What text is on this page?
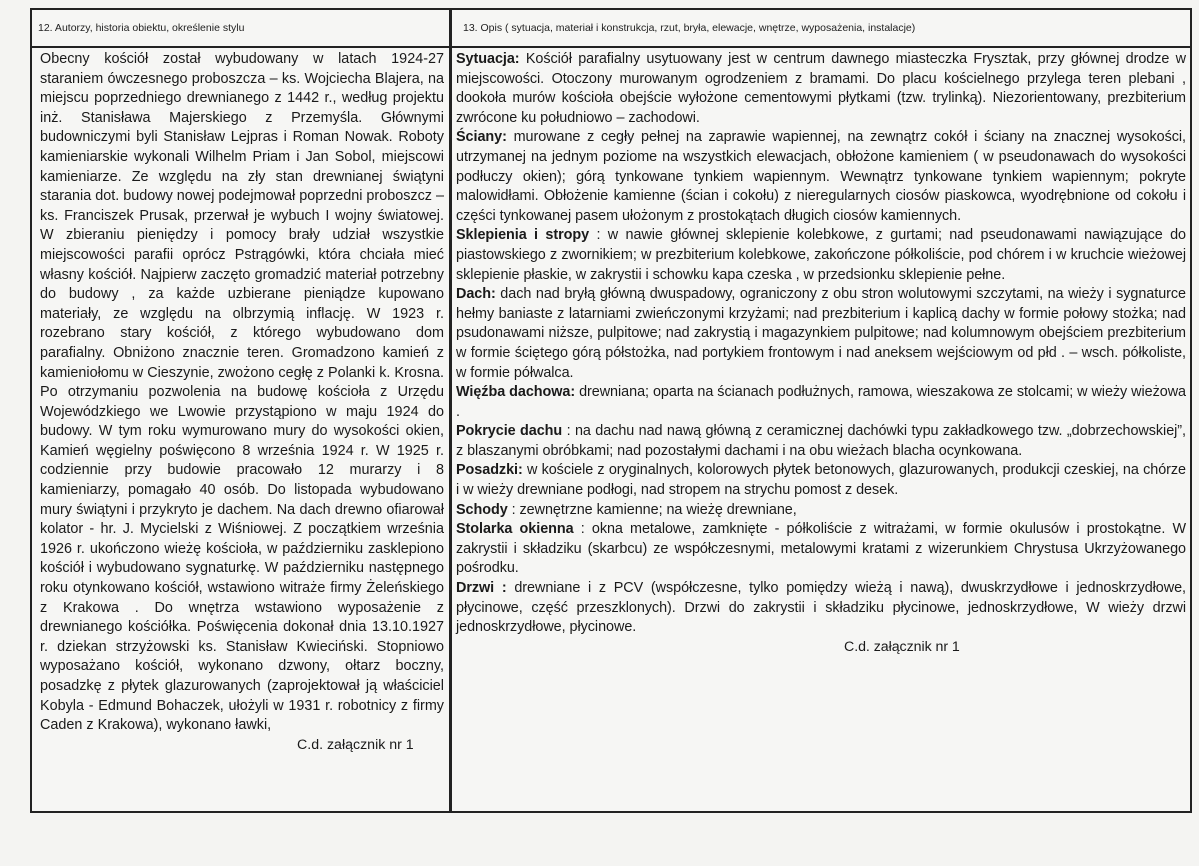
12. Autorzy, historia obiektu, określenie stylu	13. Opis ( sytuacja, materiał i konstrukcja, rzut, bryła, elewacje, wnętrze, wyposażenia, instalacje)

Obecny kościół został wybudowany w latach 1924-27 staraniem ówczesnego proboszcza – ks. Wojciecha Blajera, na miejscu poprzedniego drewnianego z 1442 r., według projektu inż. Stanisława Majerskiego z Przemyśla. Głównymi budowniczymi byli Stanisław Lejpras i Roman Nowak. Roboty kamieniarskie wykonali Wilhelm Priam i Jan Sobol, miejscowi kamieniarze. Ze względu na zły stan drewnianej świątyni starania dot. budowy nowej podejmował poprzedni proboszcz – ks. Franciszek Prusak, przerwał je wybuch I wojny światowej. W zbieraniu pieniędzy i pomocy brały udział wszystkie miejscowości parafii oprócz Pstrągówki, która chciała mieć własny kościół. Najpierw zaczęto gromadzić materiał potrzebny do budowy , za każde uzbierane pieniądze kupowano materiały, ze względu na olbrzymią inflację. W 1923 r. rozebrano stary kościół, z którego wybudowano dom parafialny. Obniżono znacznie teren. Gromadzono kamień z kamieniołomu w Cieszynie, zwożono cegłę z Polanki k. Krosna. Po otrzymaniu pozwolenia na budowę kościoła z Urzędu Wojewódzkiego we Lwowie przystąpiono w maju 1924 do budowy. W tym roku wymurowano mury do wysokości okien, Kamień węgielny poświęcono 8 września 1924 r. W 1925 r. codziennie przy budowie pracowało 12 murarzy i 8 kamieniarzy, pomagało 40 osób. Do listopada wybudowano mury świątyni i przykryto je dachem. Na dach drewno ofiarował kolator - hr. J. Mycielski z Wiśniowej. Z początkiem września 1926 r. ukończono wieżę kościoła, w październiku zasklepiono kościół i wybudowano sygnaturkę. W październiku następnego roku otynkowano kościół, wstawiono witraże firmy Żeleńskiego z Krakowa . Do wnętrza wstawiono wyposażenie z drewnianego kościółka. Poświęcenia dokonał dnia 13.10.1927 r. dziekan strzyżowski ks. Stanisław Kwieciński. Stopniowo wyposażano kościół, wykonano dzwony, ołtarz boczny, posadzkę z płytek glazurowanych (zaprojektował ją właściciel Kobyla - Edmund Bohaczek, ułożyli w 1931 r. robotnicy z firmy Caden z Krakowa), wykonano ławki,

C.d. załącznik nr 1

Sytuacja: Kościół parafialny usytuowany jest w centrum dawnego miasteczka Frysztak, przy głównej drodze w miejscowości. Otoczony murowanym ogrodzeniem z bramami. Do placu kościelnego przylega teren plebani , dookoła murów kościoła obejście wyłożone cementowymi płytkami (tzw. trylinką). Niezorientowany, prezbiterium zwrócone ku południowo – zachodowi.

Ściany: murowane z cegły pełnej na zaprawie wapiennej, na zewnątrz cokół i ściany na znacznej wysokości, utrzymanej na jednym poziome na wszystkich elewacjach, obłożone kamieniem ( w pseudonawach do wysokości podłuczy okien); górą tynkowane tynkiem wapiennym. Wewnątrz tynkowane tynkiem wapiennym; pokryte malowidłami. Obłożenie kamienne (ścian i cokołu) z nieregularnych ciosów piaskowca, wyodrębnione od cokołu i części tynkowanej pasem ułożonym z prostokątach długich ciosów kamiennych.

Sklepienia i stropy : w nawie głównej sklepienie kolebkowe, z gurtami; nad pseudonawami nawiązujące do piastowskiego z zwornikiem; w prezbiterium kolebkowe, zakończone półkoliście, pod chórem i w kruchcie wieżowej sklepienie płaskie, w zakrystii i schowku kapa czeska , w przedsionku sklepienie pełne.

Dach: dach nad bryłą główną dwuspadowy, ograniczony z obu stron wolutowymi szczytami, na wieży i sygnaturce hełmy baniaste z latarniami zwieńczonymi krzyżami; nad prezbiterium i kaplicą dachy w formie połowy stożka; nad psudonawami niższe, pulpitowe; nad zakrystią i magazynkiem pulpitowe; nad kolumnowym obejściem prezbiterium w formie ściętego górą półstożka, nad portykiem frontowym i nad aneksem wejściowym od płd . – wsch. półkoliste, w formie półwalca.

Więźba dachowa: drewniana; oparta na ścianach podłużnych, ramowa, wieszakowa ze stolcami; w wieży wieżowa .

Pokrycie dachu : na dachu nad nawą główną z ceramicznej dachówki typu zakładkowego tzw. „dobrzechowskiej”, z blaszanymi obróbkami; nad pozostałymi dachami i na obu wieżach blacha ocynkowana.

Posadzki: w kościele z oryginalnych, kolorowych płytek betonowych, glazurowanych, produkcji czeskiej, na chórze i w wieży drewniane podłogi, nad stropem na strychu pomost z desek.

Schody : zewnętrzne kamienne; na wieżę drewniane,

Stolarka okienna : okna metalowe, zamknięte - półkoliście z witrażami, w formie okulusów i prostokątne. W zakrystii i składziku (skarbcu) ze współczesnymi, metalowymi kratami z wizerunkiem Chrystusa Ukrzyżowanego pośrodku.

Drzwi : drewniane i z PCV (współczesne, tylko pomiędzy wieżą i nawą), dwuskrzydłowe i jednoskrzydłowe, płycinowe, część przeszklonych). Drzwi do zakrystii i składziku płycinowe, jednoskrzydłowe, W wieży drzwi jednoskrzydłowe, płycinowe.

C.d. załącznik nr 1
